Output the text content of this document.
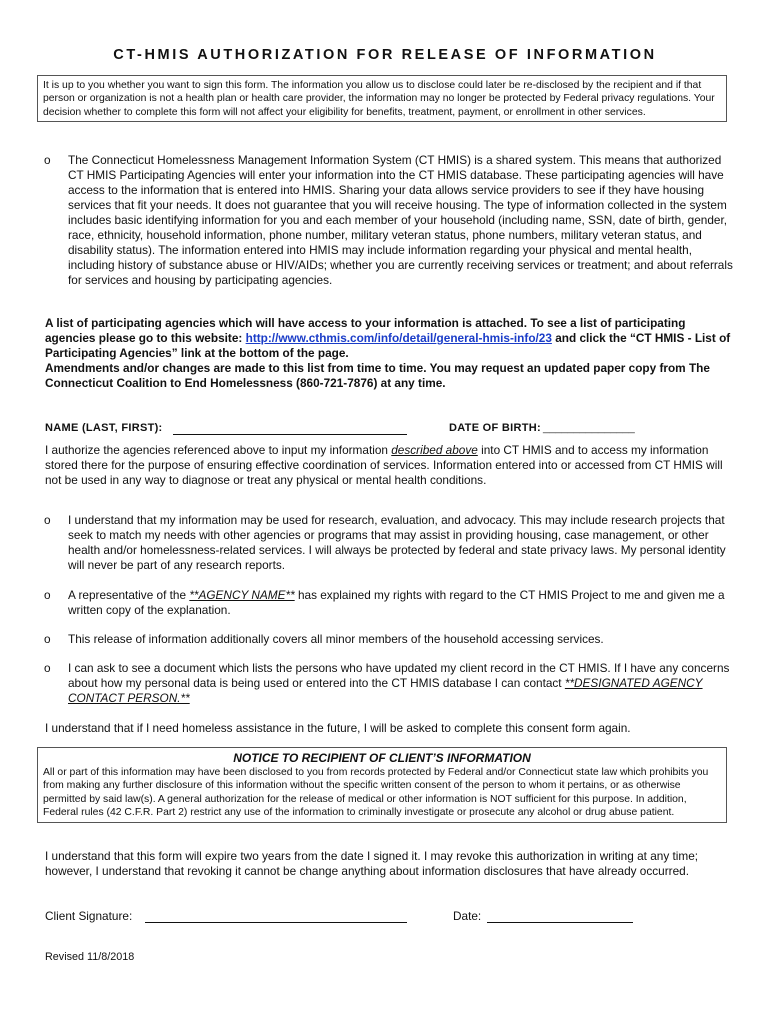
CT-HMIS AUTHORIZATION FOR RELEASE OF INFORMATION
It is up to you whether you want to sign this form. The information you allow us to disclose could later be re-disclosed by the recipient and if that person or organization is not a health plan or health care provider, the information may no longer be protected by Federal privacy regulations. Your decision whether to complete this form will not affect your eligibility for benefits, treatment, payment, or enrollment in other services.
o The Connecticut Homelessness Management Information System (CT HMIS) is a shared system. This means that authorized CT HMIS Participating Agencies will enter your information into the CT HMIS database. These participating agencies will have access to the information that is entered into HMIS. Sharing your data allows service providers to see if they have housing services that fit your needs. It does not guarantee that you will receive housing. The type of information collected in the system includes basic identifying information for you and each member of your household (including name, SSN, date of birth, gender, race, ethnicity, household information, phone number, military veteran status, phone numbers, military veteran status, and disability status). The information entered into HMIS may include information regarding your physical and mental health, including history of substance abuse or HIV/AIDs; whether you are currently receiving services or treatment; and about referrals for services and housing by participating agencies.
A list of participating agencies which will have access to your information is attached. To see a list of participating agencies please go to this website: http://www.cthmis.com/info/detail/general-hmis-info/23 and click the “CT HMIS - List of Participating Agencies” link at the bottom of the page.
Amendments and/or changes are made to this list from time to time. You may request an updated paper copy from The Connecticut Coalition to End Homelessness (860-721-7876) at any time.
NAME (LAST, FIRST):	DATE OF BIRTH: _______________
I authorize the agencies referenced above to input my information described above into CT HMIS and to access my information stored there for the purpose of ensuring effective coordination of services. Information entered into or accessed from CT HMIS will not be used in any way to diagnose or treat any physical or mental health conditions.
o I understand that my information may be used for research, evaluation, and advocacy. This may include research projects that seek to match my needs with other agencies or programs that may assist in providing housing, case management, or other health and/or homelessness-related services. I will always be protected by federal and state privacy laws. My personal identity will never be part of any research reports.
o A representative of the **AGENCY NAME** has explained my rights with regard to the CT HMIS Project to me and given me a written copy of the explanation.
o This release of information additionally covers all minor members of the household accessing services.
o I can ask to see a document which lists the persons who have updated my client record in the CT HMIS. If I have any concerns about how my personal data is being used or entered into the CT HMIS database I can contact **DESIGNATED AGENCY CONTACT PERSON.**
I understand that if I need homeless assistance in the future, I will be asked to complete this consent form again.
NOTICE TO RECIPIENT OF CLIENT’S INFORMATION
All or part of this information may have been disclosed to you from records protected by Federal and/or Connecticut state law which prohibits you from making any further disclosure of this information without the specific written consent of the person to whom it pertains, or as otherwise permitted by said law(s). A general authorization for the release of medical or other information is NOT sufficient for this purpose. In addition, Federal rules (42 C.F.R. Part 2) restrict any use of the information to criminally investigate or prosecute any alcohol or drug abuse patient.
I understand that this form will expire two years from the date I signed it. I may revoke this authorization in writing at any time; however, I understand that revoking it cannot be change anything about information disclosures that have already occurred.
Client Signature:	Date:
Revised 11/8/2018
